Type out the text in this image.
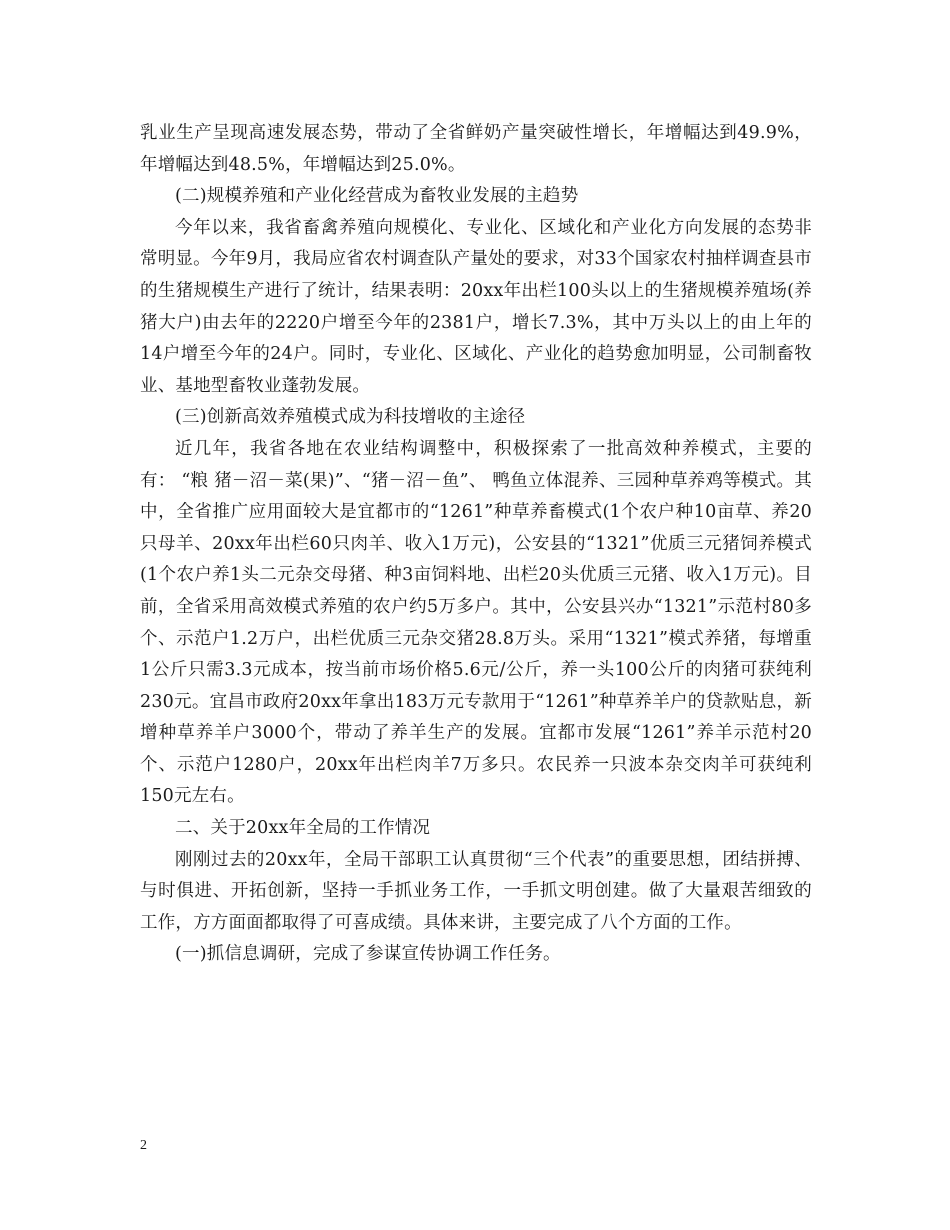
乳业生产呈现高速发展态势，带动了全省鲜奶产量突破性增长，年增幅达到49.9%，年增幅达到48.5%，年增幅达到25.0%。

(二)规模养殖和产业化经营成为畜牧业发展的主趋势

今年以来，我省畜禽养殖向规模化、专业化、区域化和产业化方向发展的态势非常明显。今年9月，我局应省农村调查队产量处的要求，对33个国家农村抽样调查县市的生猪规模生产进行了统计，结果表明：20xx年出栏100头以上的生猪规模养殖场(养猪大户)由去年的2220户增至今年的2381户，增长7.3%，其中万头以上的由上年的14户增至今年的24户。同时，专业化、区域化、产业化的趋势愈加明显，公司制畜牧业、基地型畜牧业蓬勃发展。

(三)创新高效养殖模式成为科技增收的主途径

近几年，我省各地在农业结构调整中，积极探索了一批高效种养模式，主要的有： “粮 猪－沼－菜(果)”、“猪－沼－鱼”、 鸭鱼立体混养、三园种草养鸡等模式。其中，全省推广应用面较大是宜都市的“1261”种草养畜模式(1个农户种10亩草、养20只母羊、20xx年出栏60只肉羊、收入1万元)，公安县的“1321”优质三元猪饲养模式(1个农户养1头二元杂交母猪、种3亩饲料地、出栏20头优质三元猪、收入1万元)。目前，全省采用高效模式养殖的农户约5万多户。其中，公安县兴办“1321”示范村80多个、示范户1.2万户，出栏优质三元杂交猪28.8万头。采用“1321”模式养猪，每增重1公斤只需3.3元成本，按当前市场价格5.6元/公斤，养一头100公斤的肉猪可获纯利230元。宜昌市政府20xx年拿出183万元专款用于“1261”种草养羊户的贷款贴息，新增种草养羊户3000个，带动了养羊生产的发展。宜都市发展“1261”养羊示范村20个、示范户1280户，20xx年出栏肉羊7万多只。农民养一只波本杂交肉羊可获纯利150元左右。

二、关于20xx年全局的工作情况

刚刚过去的20xx年，全局干部职工认真贯彻“三个代表”的重要思想，团结拼搏、与时俱进、开拓创新，坚持一手抓业务工作，一手抓文明创建。做了大量艰苦细致的工作，方方面面都取得了可喜成绩。具体来讲，主要完成了八个方面的工作。

(一)抓信息调研，完成了参谋宣传协调工作任务。

2
